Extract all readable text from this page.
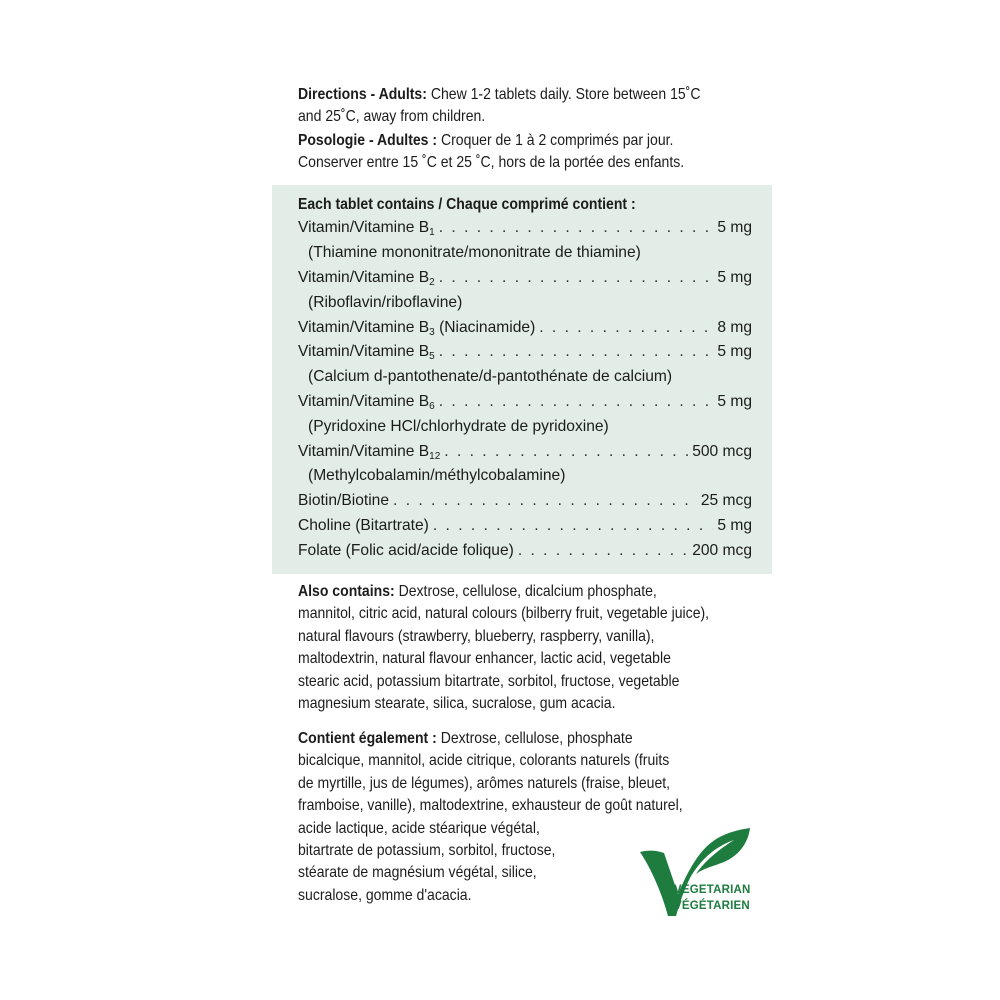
Directions - Adults: Chew 1-2 tablets daily. Store between 15˚C and 25˚C, away from children.
Posologie - Adultes : Croquer de 1 à 2 comprimés par jour. Conserver entre 15 ˚C et 25 ˚C, hors de la portée des enfants.
Each tablet contains / Chaque comprimé contient :
Vitamin/Vitamine $B_1$ . . .	5 mg
(Thiamine mononitrate/mononitrate de thiamine)
Vitamin/Vitamine $B_2$ . . .	5 mg
(Riboflavin/riboflavine)
Vitamin/Vitamine $B_3$ (Niacinamide) . . .	8 mg
Vitamin/Vitamine $B_5$ . . .	5 mg
(Calcium d-pantothenate/d-pantothénate de calcium)
Vitamin/Vitamine $B_6$ . . .	5 mg
(Pyridoxine HCl/chlorhydrate de pyridoxine)
Vitamin/Vitamine $B_{12}$ . . .	500 mcg
(Methylcobalamin/méthylcobalamine)
Biotin/Biotine . . .	25 mcg
Choline (Bitartrate) . . .	5 mg
Folate (Folic acid/acide folique) . . .	200 mcg
Also contains: Dextrose, cellulose, dicalcium phosphate, mannitol, citric acid, natural colours (bilberry fruit, vegetable juice), natural flavours (strawberry, blueberry, raspberry, vanilla), maltodextrin, natural flavour enhancer, lactic acid, vegetable stearic acid, potassium bitartrate, sorbitol, fructose, vegetable magnesium stearate, silica, sucralose, gum acacia.
Contient également : Dextrose, cellulose, phosphate
bicalcique, mannitol, acide citrique, colorants naturels (fruits
de myrtille, jus de légumes), arômes naturels (fraise, bleuet,
framboise, vanille), maltodextrine, exhausteur de goût naturel,
acide lactique, acide stéarique végétal,
bitartrate de potassium, sorbitol, fructose,
stéarate de magnésium végétal, silice,
sucralose, gomme d'acacia.	VEGETARIAN
VÉGÉTARIEN
